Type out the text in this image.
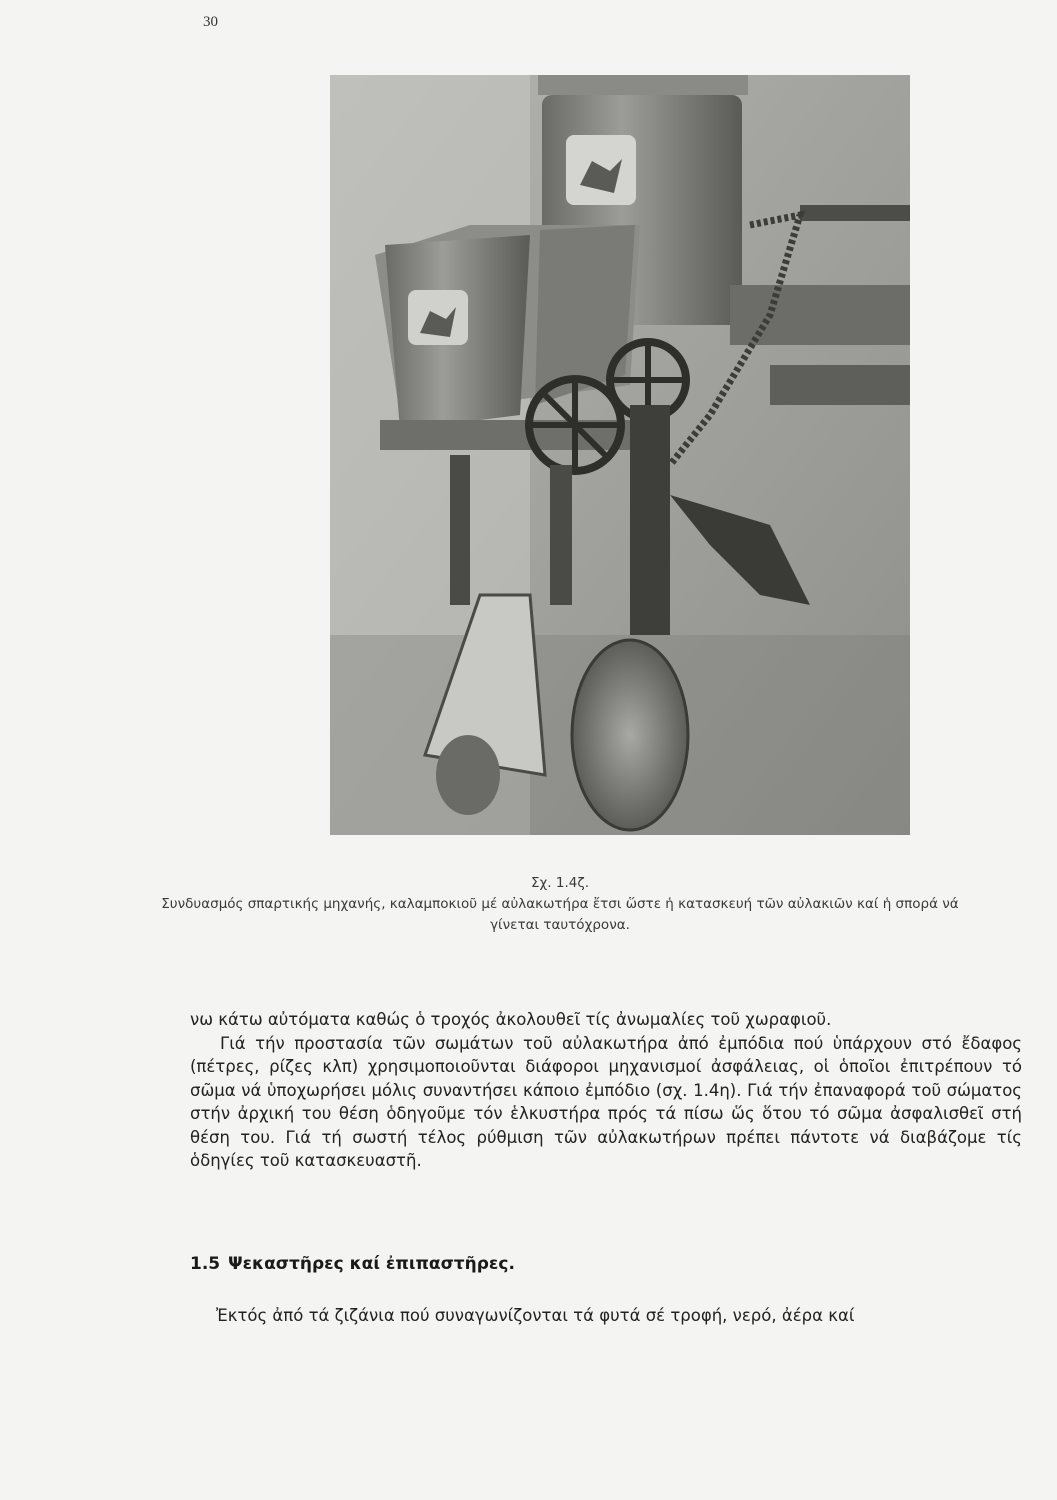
30
Σχ. 1.4ζ.
Συνδυασμός σπαρτικής μηχανής, καλαμποκιοῦ μέ αὐλακωτήρα ἔτσι ὥστε ἡ κατασκευή τῶν αὐλακιῶν καί ἡ σπορά νά γίνεται ταυτόχρονα.

νω κάτω αὐτόματα καθώς ὁ τροχός ἀκολουθεῖ τίς ἀνωμαλίες τοῦ χωραφιοῦ.

Γιά τήν προστασία τῶν σωμάτων τοῦ αὐλακωτήρα ἀπό ἐμπόδια πού ὑπάρχουν στό ἔδαφος (πέτρες, ρίζες κλπ) χρησιμοποιοῦνται διάφοροι μηχανισμοί ἀσφάλειας, οἱ ὁποῖοι ἐπιτρέπουν τό σῶμα νά ὑποχωρήσει μόλις συναντήσει κάποιο ἐμπόδιο (σχ. 1.4η). Γιά τήν ἐπαναφορά τοῦ σώματος στήν ἀρχική του θέση ὁδηγοῦμε τόν ἑλκυστήρα πρός τά πίσω ὥς ὅτου τό σῶμα ἀσφαλισθεῖ στή θέση του. Γιά τή σωστή τέλος ρύθμιση τῶν αὐλακωτήρων πρέπει πάντοτε νά διαβάζομε τίς ὁδηγίες τοῦ κατασκευαστῆ.

1.5 Ψεκαστῆρες καί ἐπιπαστῆρες.
Ἐκτός ἀπό τά ζιζάνια πού συναγωνίζονται τά φυτά σέ τροφή, νερό, ἀέρα καί
